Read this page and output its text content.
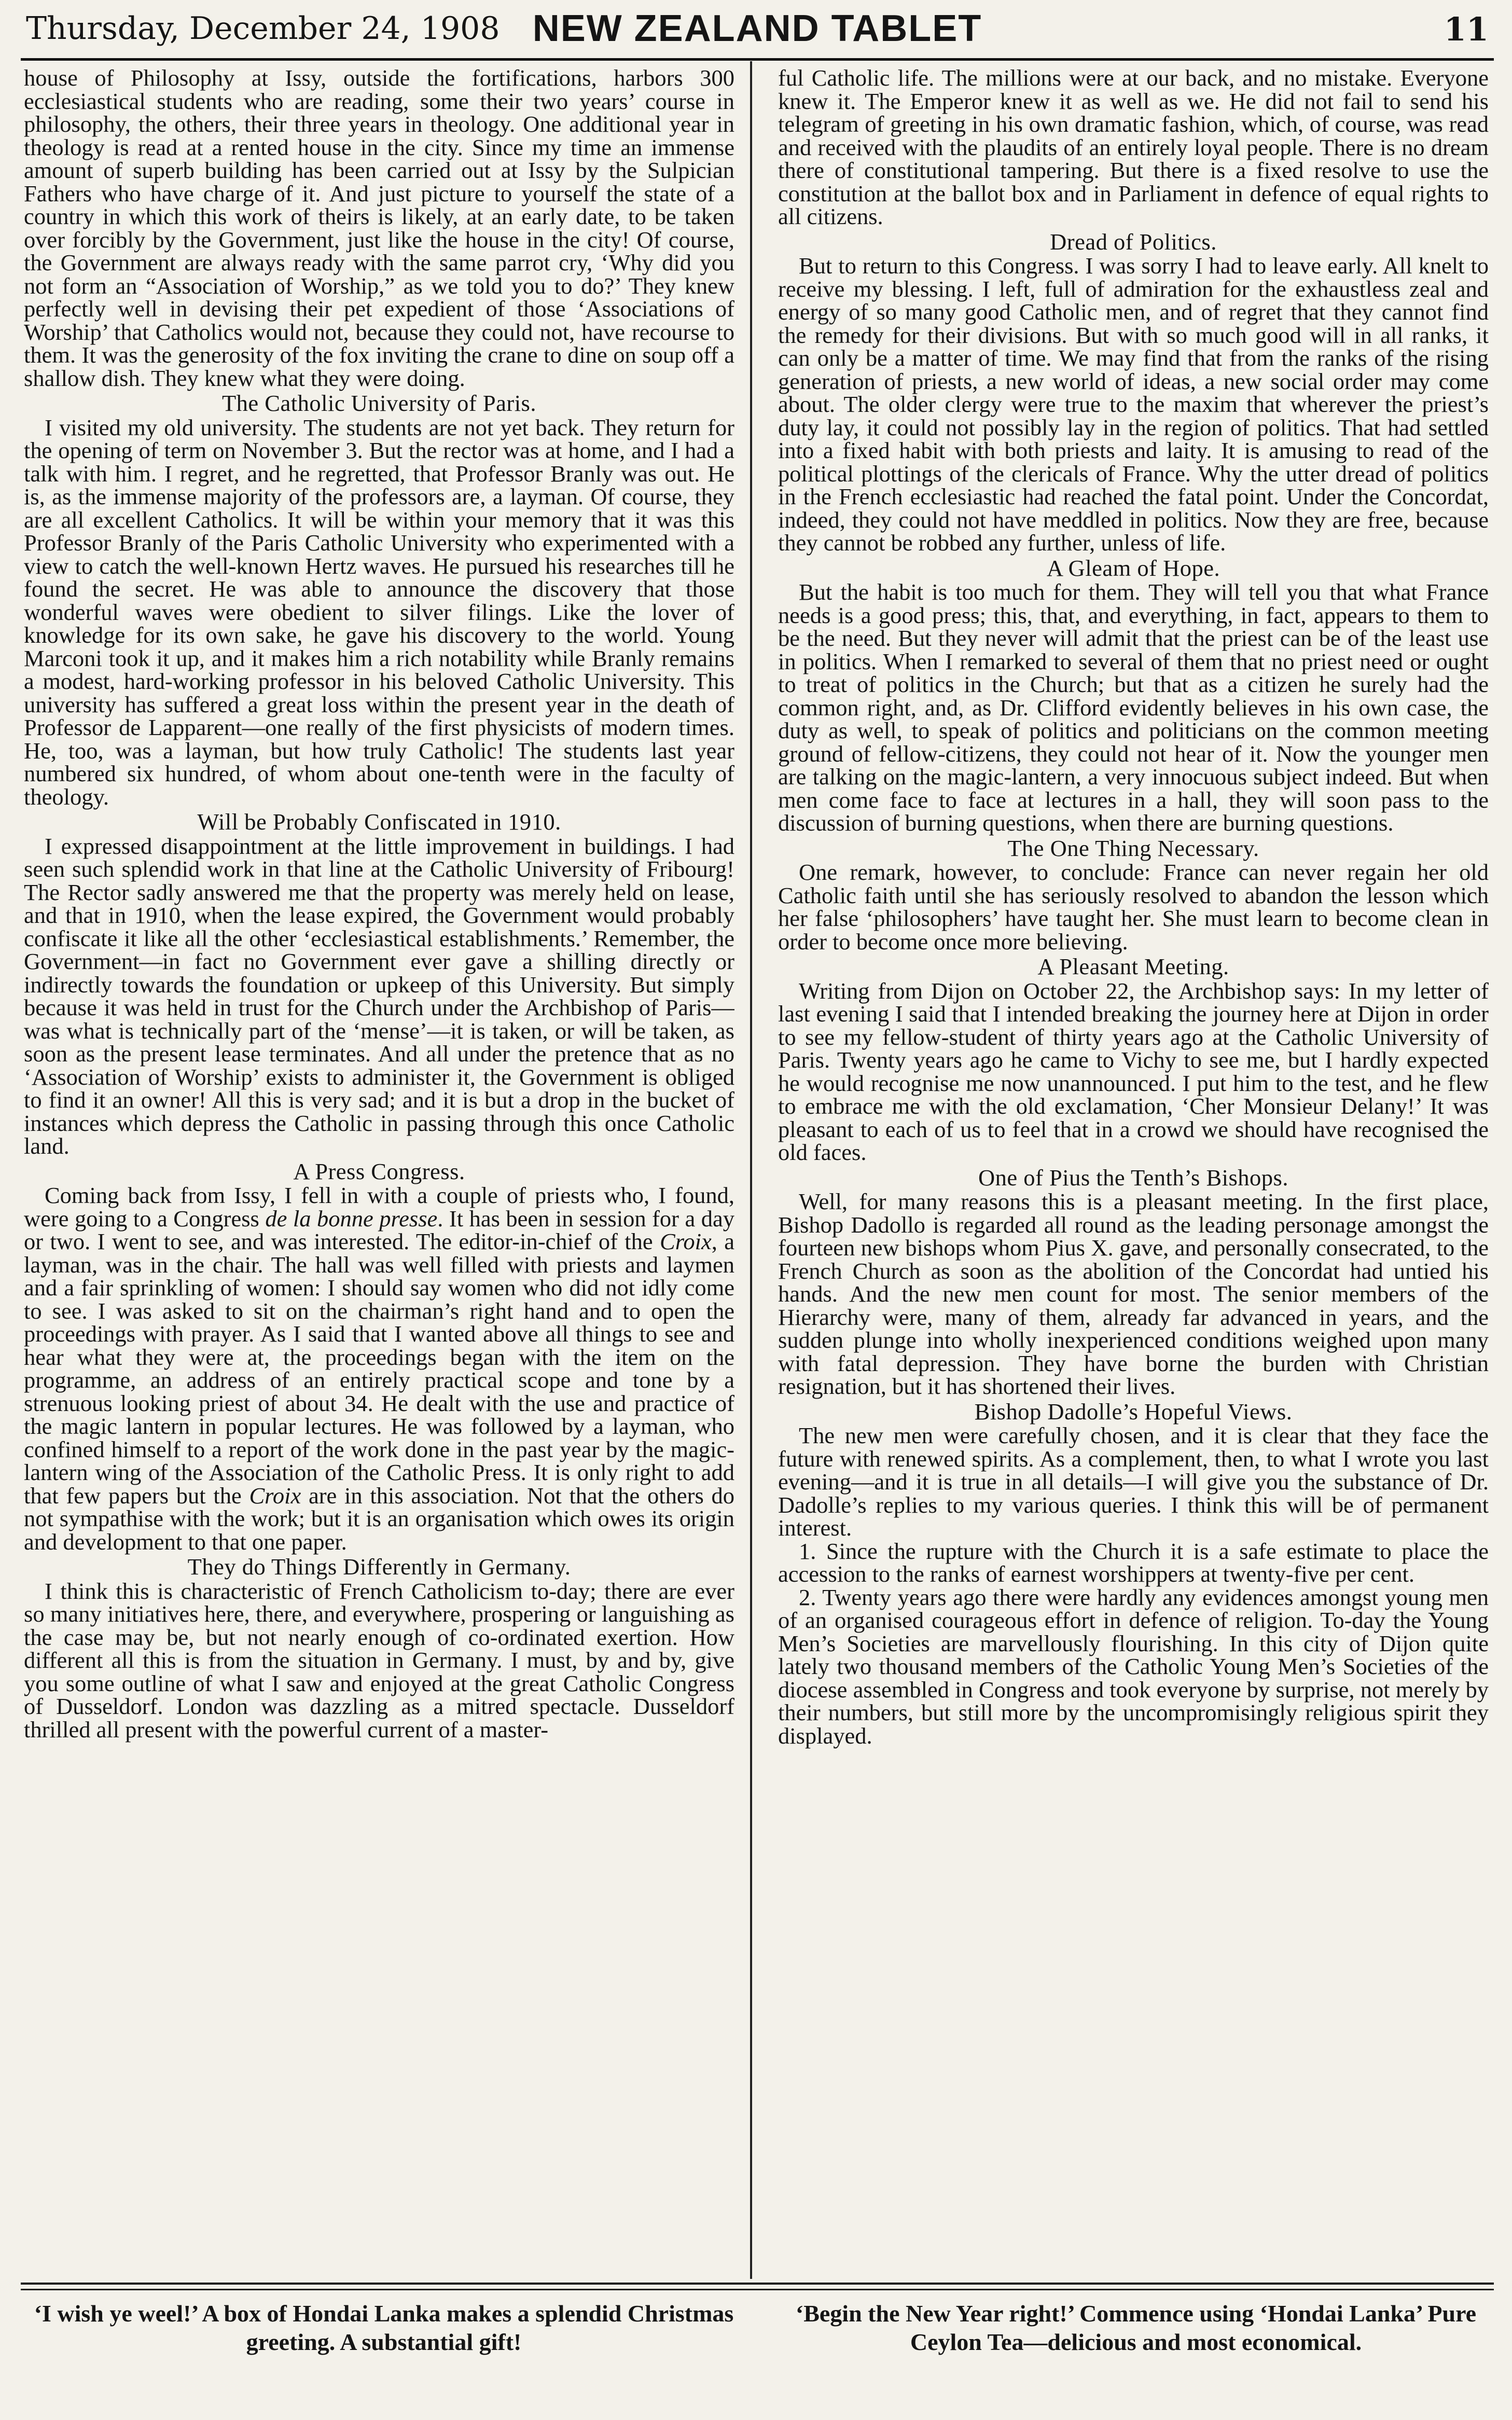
Thursday, December 24, 1908 NEW ZEALAND TABLET	11

house of Philosophy at Issy, outside the fortifications, harbors 300 ecclesiastical students who are reading, some their two years’ course in philosophy, the others, their three years in theology. One additional year in theology is read at a rented house in the city. Since my time an immense amount of superb building has been carried out at Issy by the Sulpician Fathers who have charge of it. And just picture to yourself the state of a country in which this work of theirs is likely, at an early date, to be taken over forcibly by the Government, just like the house in the city! Of course, the Government are always ready with the same parrot cry, ‘Why did you not form an “Association of Worship,” as we told you to do?’ They knew perfectly well in devising their pet expedient of those ‘Associations of Worship’ that Catholics would not, because they could not, have recourse to them. It was the generosity of the fox inviting the crane to dine on soup off a shallow dish. They knew what they were doing.

The Catholic University of Paris.

I visited my old university. The students are not yet back. They return for the opening of term on November 3. But the rector was at home, and I had a talk with him. I regret, and he regretted, that Professor Branly was out. He is, as the immense majority of the professors are, a layman. Of course, they are all excellent Catholics. It will be within your memory that it was this Professor Branly of the Paris Catholic University who experimented with a view to catch the well-known Hertz waves. He pursued his researches till he found the secret. He was able to announce the discovery that those wonderful waves were obedient to silver filings. Like the lover of knowledge for its own sake, he gave his discovery to the world. Young Marconi took it up, and it makes him a rich notability while Branly remains a modest, hard-working professor in his beloved Catholic University. This university has suffered a great loss within the present year in the death of Professor de Lapparent—one really of the first physicists of modern times. He, too, was a layman, but how truly Catholic! The students last year numbered six hundred, of whom about one-tenth were in the faculty of theology.

Will be Probably Confiscated in 1910.

I expressed disappointment at the little improvement in buildings. I had seen such splendid work in that line at the Catholic University of Fribourg! The Rector sadly answered me that the property was merely held on lease, and that in 1910, when the lease expired, the Government would probably confiscate it like all the other ‘ecclesiastical establishments.’ Remember, the Government—in fact no Government ever gave a shilling directly or indirectly towards the foundation or upkeep of this University. But simply because it was held in trust for the Church under the Archbishop of Paris—was what is technically part of the ‘mense’—it is taken, or will be taken, as soon as the present lease terminates. And all under the pretence that as no ‘Association of Worship’ exists to administer it, the Government is obliged to find it an owner! All this is very sad; and it is but a drop in the bucket of instances which depress the Catholic in passing through this once Catholic land.

A Press Congress.

Coming back from Issy, I fell in with a couple of priests who, I found, were going to a Congress de la bonne presse. It has been in session for a day or two. I went to see, and was interested. The editor-in-chief of the Croix, a layman, was in the chair. The hall was well filled with priests and laymen and a fair sprinkling of women: I should say women who did not idly come to see. I was asked to sit on the chairman’s right hand and to open the proceedings with prayer. As I said that I wanted above all things to see and hear what they were at, the proceedings began with the item on the programme, an address of an entirely practical scope and tone by a strenuous looking priest of about 34. He dealt with the use and practice of the magic lantern in popular lectures. He was followed by a layman, who confined himself to a report of the work done in the past year by the magic-lantern wing of the Association of the Catholic Press. It is only right to add that few papers but the Croix are in this association. Not that the others do not sympathise with the work; but it is an organisation which owes its origin and development to that one paper.

They do Things Differently in Germany.

I think this is characteristic of French Catholicism to-day; there are ever so many initiatives here, there, and everywhere, prospering or languishing as the case may be, but not nearly enough of co-ordinated exertion. How different all this is from the situation in Germany. I must, by and by, give you some outline of what I saw and enjoyed at the great Catholic Congress of Dusseldorf. London was dazzling as a mitred spectacle. Dusseldorf thrilled all present with the powerful current of a master-

ful Catholic life. The millions were at our back, and no mistake. Everyone knew it. The Emperor knew it as well as we. He did not fail to send his telegram of greeting in his own dramatic fashion, which, of course, was read and received with the plaudits of an entirely loyal people. There is no dream there of constitutional tampering. But there is a fixed resolve to use the constitution at the ballot box and in Parliament in defence of equal rights to all citizens.

Dread of Politics.

But to return to this Congress. I was sorry I had to leave early. All knelt to receive my blessing. I left, full of admiration for the exhaustless zeal and energy of so many good Catholic men, and of regret that they cannot find the remedy for their divisions. But with so much good will in all ranks, it can only be a matter of time. We may find that from the ranks of the rising generation of priests, a new world of ideas, a new social order may come about. The older clergy were true to the maxim that wherever the priest’s duty lay, it could not possibly lay in the region of politics. That had settled into a fixed habit with both priests and laity. It is amusing to read of the political plottings of the clericals of France. Why the utter dread of politics in the French ecclesiastic had reached the fatal point. Under the Concordat, indeed, they could not have meddled in politics. Now they are free, because they cannot be robbed any further, unless of life.

A Gleam of Hope.

But the habit is too much for them. They will tell you that what France needs is a good press; this, that, and everything, in fact, appears to them to be the need. But they never will admit that the priest can be of the least use in politics. When I remarked to several of them that no priest need or ought to treat of politics in the Church; but that as a citizen he surely had the common right, and, as Dr. Clifford evidently believes in his own case, the duty as well, to speak of politics and politicians on the common meeting ground of fellow-citizens, they could not hear of it. Now the younger men are talking on the magic-lantern, a very innocuous subject indeed. But when men come face to face at lectures in a hall, they will soon pass to the discussion of burning questions, when there are burning questions.

The One Thing Necessary.

One remark, however, to conclude: France can never regain her old Catholic faith until she has seriously resolved to abandon the lesson which her false ‘philosophers’ have taught her. She must learn to become clean in order to become once more believing.

A Pleasant Meeting.

Writing from Dijon on October 22, the Archbishop says: In my letter of last evening I said that I intended breaking the journey here at Dijon in order to see my fellow-student of thirty years ago at the Catholic University of Paris. Twenty years ago he came to Vichy to see me, but I hardly expected he would recognise me now unannounced. I put him to the test, and he flew to embrace me with the old exclamation, ‘Cher Monsieur Delany!’ It was pleasant to each of us to feel that in a crowd we should have recognised the old faces.

One of Pius the Tenth’s Bishops.

Well, for many reasons this is a pleasant meeting. In the first place, Bishop Dadollo is regarded all round as the leading personage amongst the fourteen new bishops whom Pius X. gave, and personally consecrated, to the French Church as soon as the abolition of the Concordat had untied his hands. And the new men count for most. The senior members of the Hierarchy were, many of them, already far advanced in years, and the sudden plunge into wholly inexperienced conditions weighed upon many with fatal depression. They have borne the burden with Christian resignation, but it has shortened their lives.

Bishop Dadolle’s Hopeful Views.

The new men were carefully chosen, and it is clear that they face the future with renewed spirits. As a complement, then, to what I wrote you last evening—and it is true in all details—I will give you the substance of Dr. Dadolle’s replies to my various queries. I think this will be of permanent interest.

1. Since the rupture with the Church it is a safe estimate to place the accession to the ranks of earnest worshippers at twenty-five per cent.

2. Twenty years ago there were hardly any evidences amongst young men of an organised courageous effort in defence of religion. To-day the Young Men’s Societies are marvellously flourishing. In this city of Dijon quite lately two thousand members of the Catholic Young Men’s Societies of the diocese assembled in Congress and took everyone by surprise, not merely by their numbers, but still more by the uncompromisingly religious spirit they displayed.

‘I wish ye weel!’ A box of Hondai Lanka makes a splendid Christmas greeting. A substantial gift!
‘Begin the New Year right!’ Commence using ‘Hondai Lanka’ Pure Ceylon Tea—delicious and most economical.
